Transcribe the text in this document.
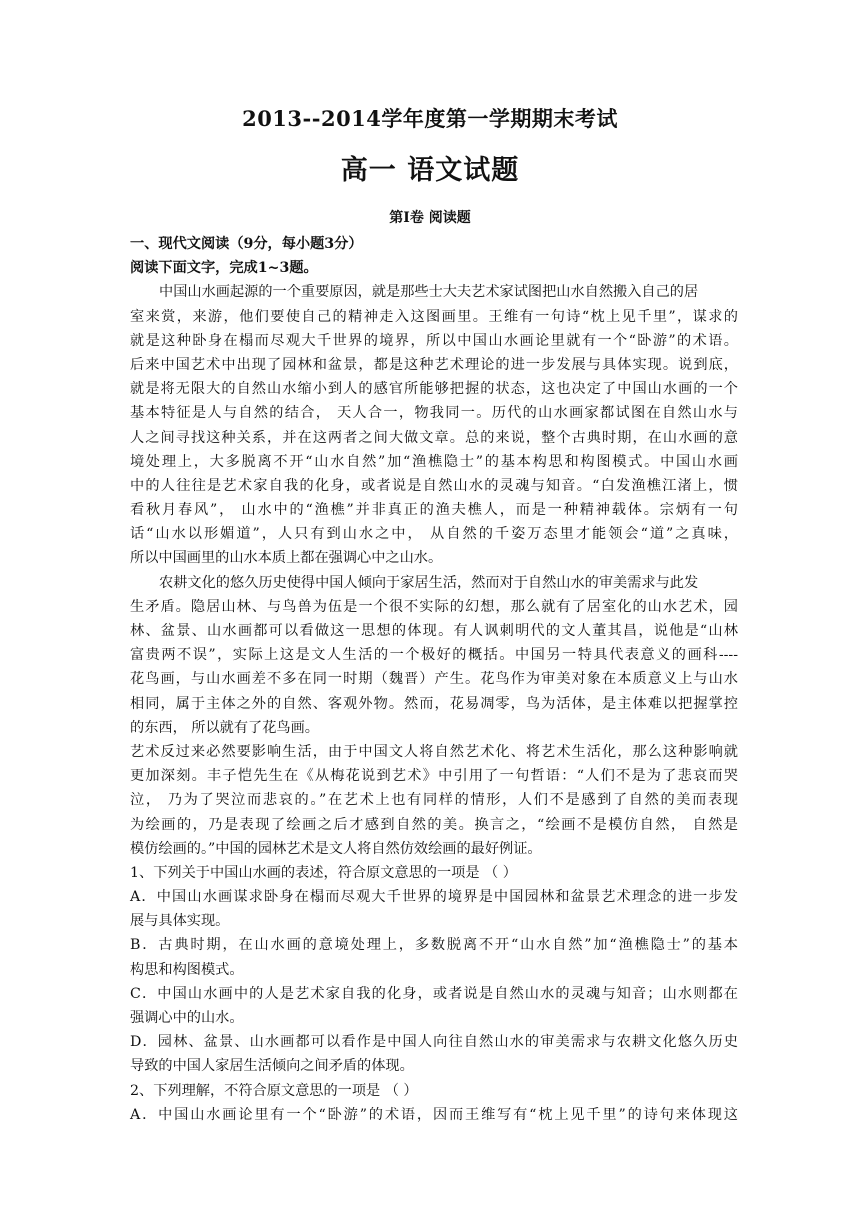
2013--2014学年度第一学期期末考试
高一 语文试题
第Ⅰ卷 阅读题
一、现代文阅读（9分，每小题3分）
阅读下面文字，完成1~3题。
中国山水画起源的一个重要原因，就是那些士大夫艺术家试图把山水自然搬入自己的居
室来赏，来游，他们要使自己的精神走入这图画里。王维有一句诗“枕上见千里”，谋求的
就是这种卧身在榻而尽观大千世界的境界，所以中国山水画论里就有一个“卧游”的术语。
后来中国艺术中出现了园林和盆景，都是这种艺术理论的进一步发展与具体实现。说到底，
就是将无限大的自然山水缩小到人的感官所能够把握的状态，这也决定了中国山水画的一个
基本特征是人与自然的结合， 天人合一，物我同一。历代的山水画家都试图在自然山水与
人之间寻找这种关系，并在这两者之间大做文章。总的来说，整个古典时期，在山水画的意
境处理上，大多脱离不开“山水自然”加“渔樵隐士”的基本构思和构图模式。中国山水画
中的人往往是艺术家自我的化身，或者说是自然山水的灵魂与知音。“白发渔樵江渚上，惯
看秋月春风”， 山水中的“渔樵”并非真正的渔夫樵人，而是一种精神载体。宗炳有一句
话“山水以形媚道”，人只有到山水之中， 从自然的千姿万态里才能领会“道”之真味，
所以中国画里的山水本质上都在强调心中之山水。
农耕文化的悠久历史使得中国人倾向于家居生活，然而对于自然山水的审美需求与此发
生矛盾。隐居山林、与鸟兽为伍是一个很不实际的幻想，那么就有了居室化的山水艺术，园
林、盆景、山水画都可以看做这一思想的体现。有人讽刺明代的文人董其昌，说他是“山林
富贵两不误”，实际上这是文人生活的一个极好的概括。中国另一特具代表意义的画科----
花鸟画，与山水画差不多在同一时期（魏晋）产生。花鸟作为审美对象在本质意义上与山水
相同，属于主体之外的自然、客观外物。然而，花易凋零，鸟为活体，是主体难以把握掌控
的东西， 所以就有了花鸟画。
艺术反过来必然要影响生活，由于中国文人将自然艺术化、将艺术生活化，那么这种影响就
更加深刻。丰子恺先生在《从梅花说到艺术》中引用了一句哲语：“人们不是为了悲哀而哭
泣， 乃为了哭泣而悲哀的。”在艺术上也有同样的情形，人们不是感到了自然的美而表现
为绘画的，乃是表现了绘画之后才感到自然的美。换言之，“绘画不是模仿自然， 自然是
模仿绘画的。”中国的园林艺术是文人将自然仿效绘画的最好例证。
1、下列关于中国山水画的表述，符合原文意思的一项是 （ ）
A．中国山水画谋求卧身在榻而尽观大千世界的境界是中国园林和盆景艺术理念的进一步发
展与具体实现。
B．古典时期，在山水画的意境处理上，多数脱离不开“山水自然”加“渔樵隐士”的基本
构思和构图模式。
C．中国山水画中的人是艺术家自我的化身，或者说是自然山水的灵魂与知音；山水则都在
强调心中的山水。
D．园林、盆景、山水画都可以看作是中国人向往自然山水的审美需求与农耕文化悠久历史
导致的中国人家居生活倾向之间矛盾的体现。
2、下列理解，不符合原文意思的一项是 （ ）
A．中国山水画论里有一个“卧游”的术语，因而王维写有“枕上见千里”的诗句来体现这
